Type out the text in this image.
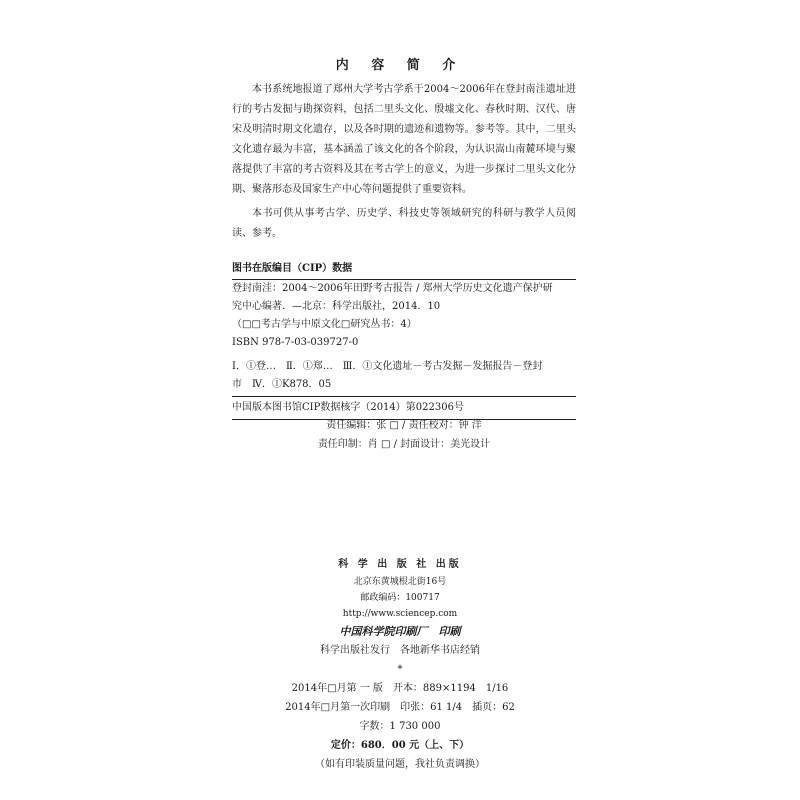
内 容 简 介

本书系统地报道了郑州大学考古学系于2004～2006年在登封南洼遗址进行的考古发掘与勘探资料，包括二里头文化、殷墟文化、春秋时期、汉代、唐宋及明清时期文化遗存，以及各时期的遗迹和遗物等。参考等。其中，二里头文化遗存最为丰富，基本涵盖了该文化的各个阶段，为认识嵩山南麓环境与聚落提供了丰富的考古资料及其在考古学上的意义，为进一步探讨二里头文化分期、聚落形态及国家生产中心等问题提供了重要资料。

本书可供从事考古学、历史学、科技史等领域研究的科研与教学人员阅读、参考。

图书在版编目（CIP）数据
登封南洼：2004～2006年田野考古报告 / 郑州大学历史文化遗产保护研
究中心编著．—北京：科学出版社，2014．10
（□□考古学与中原文化□研究丛书：4）
ISBN 978-7-03-039727-0
Ⅰ．①登…　Ⅱ．①郑…　Ⅲ．①文化遗址－考古发掘－发掘报告－登封
市　Ⅳ．①K878．05
中国版本图书馆CIP数据核字（2014）第022306号
责任编辑：张 □ / 责任校对：钟 洋
责任印制：肖 □ / 封面设计：美光设计
科 学 出 版 社 出版
北京东黄城根北街16号
邮政编码：100717
http://www.sciencep.com
中国科学院印刷厂　印刷
科学出版社发行　各地新华书店经销
*
2014年□月第 一 版　开本：889×1194　1/16
2014年□月第一次印刷　印张：61 1/4　插页：62
字数：1 730 000
定价：680．00 元（上、下）
（如有印装质量问题，我社负责调换）
